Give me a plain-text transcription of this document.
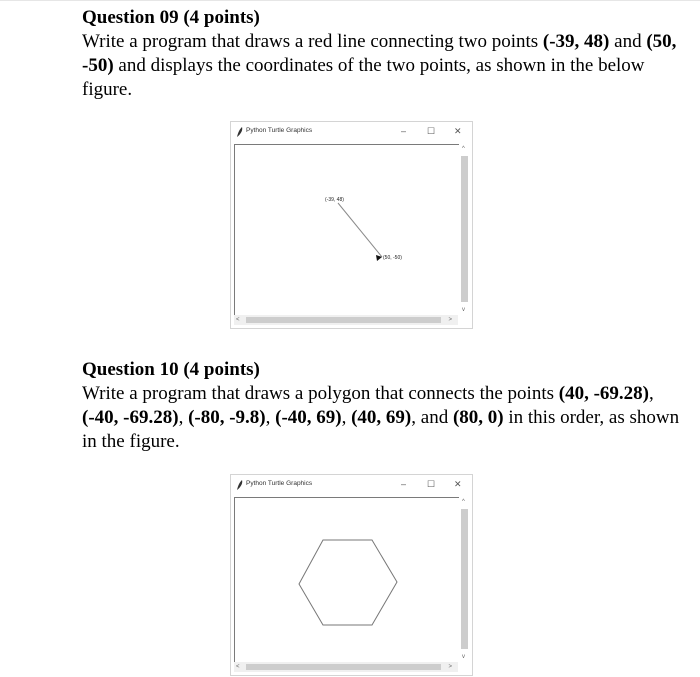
Question 09 (4 points)

Write a program that draws a red line connecting two points (-39, 48) and (50, -50) and displays the coordinates of the two points, as shown in the below figure.

Python Turtle Graphics	– ☐ ✕
(-39, 48)
(50, -50)
^
v
<	>
Question 10 (4 points)

Write a program that draws a polygon that connects the points (40, -69.28), (-40, -69.28), (-80, -9.8), (-40, 69), (40, 69), and (80, 0) in this order, as shown in the figure.

Python Turtle Graphics	– ☐ ✕
^
v
<	>
